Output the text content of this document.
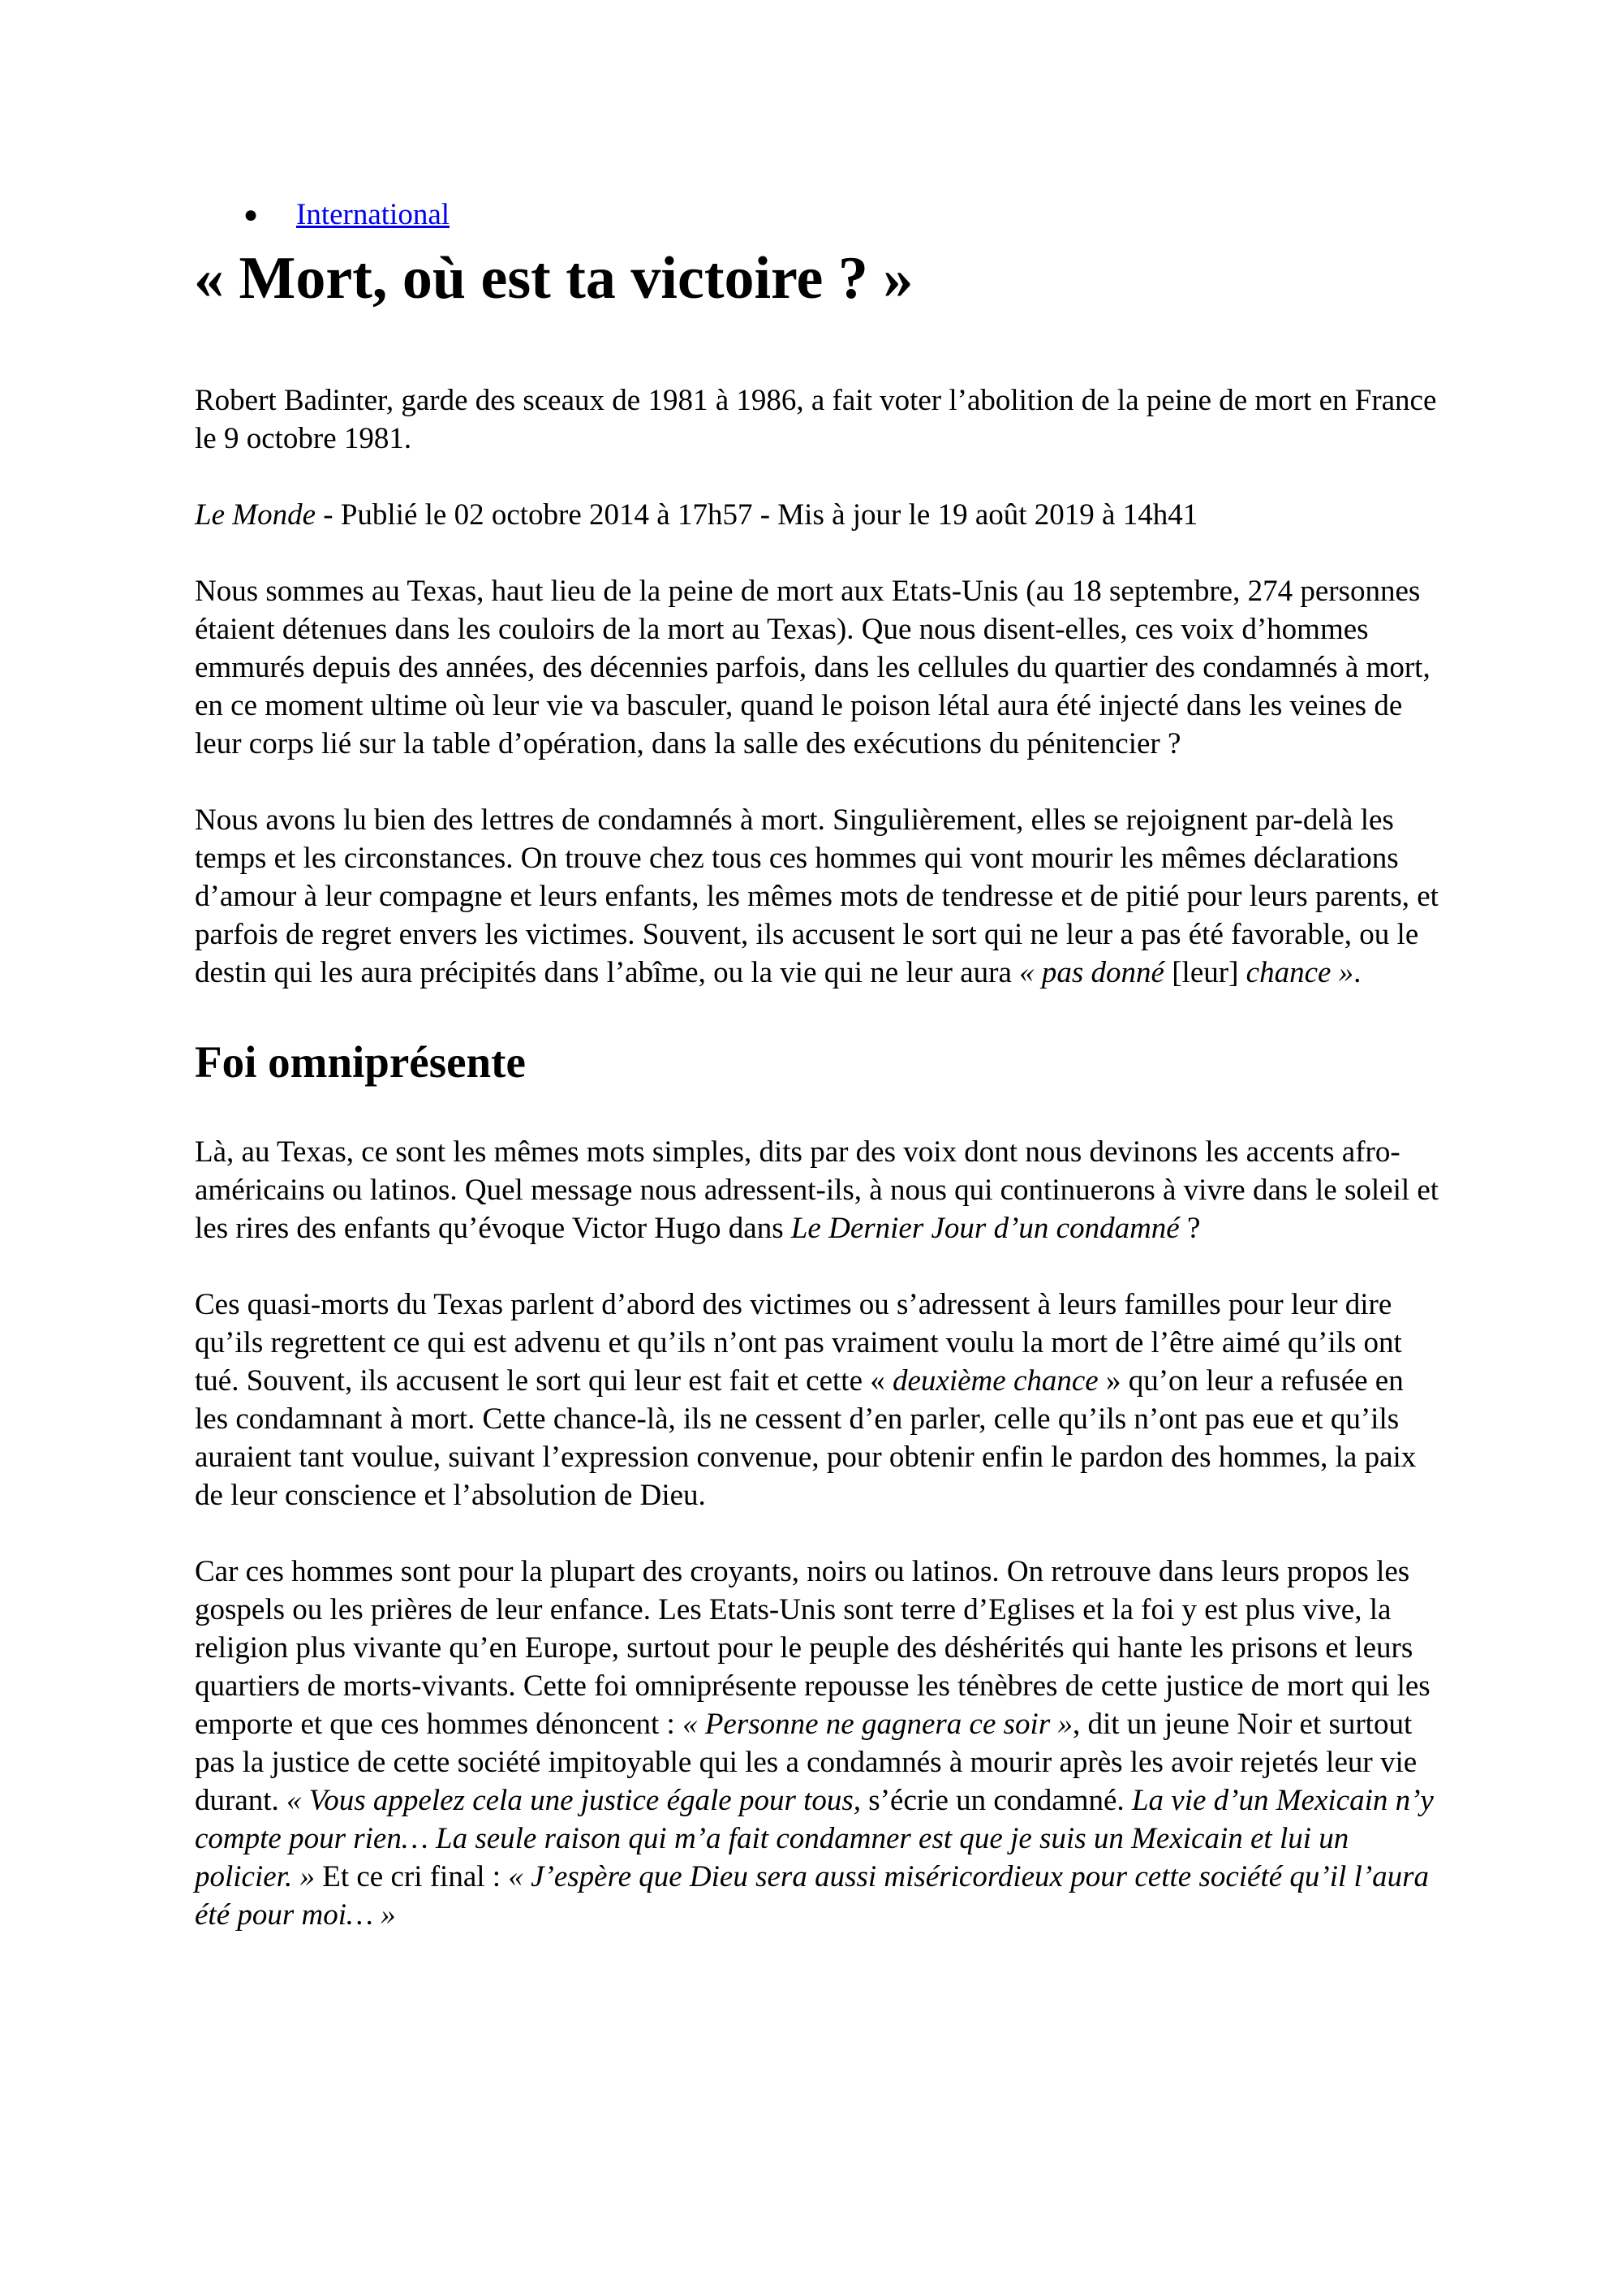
● International
« Mort, où est ta victoire ? »

Robert Badinter, garde des sceaux de 1981 à 1986, a fait voter l’abolition de la peine de mort en France le 9 octobre 1981.

Le Monde - Publié le 02 octobre 2014 à 17h57 - Mis à jour le 19 août 2019 à 14h41

Nous sommes au Texas, haut lieu de la peine de mort aux Etats-Unis (au 18 septembre, 274 personnes étaient détenues dans les couloirs de la mort au Texas). Que nous disent-elles, ces voix d’hommes emmurés depuis des années, des décennies parfois, dans les cellules du quartier des condamnés à mort, en ce moment ultime où leur vie va basculer, quand le poison létal aura été injecté dans les veines de leur corps lié sur la table d’opération, dans la salle des exécutions du pénitencier ?

Nous avons lu bien des lettres de condamnés à mort. Singulièrement, elles se rejoignent par-delà les temps et les circonstances. On trouve chez tous ces hommes qui vont mourir les mêmes déclarations d’amour à leur compagne et leurs enfants, les mêmes mots de tendresse et de pitié pour leurs parents, et parfois de regret envers les victimes. Souvent, ils accusent le sort qui ne leur a pas été favorable, ou le destin qui les aura précipités dans l’abîme, ou la vie qui ne leur aura « pas donné [leur] chance ».

Foi omniprésente

Là, au Texas, ce sont les mêmes mots simples, dits par des voix dont nous devinons les accents afro-américains ou latinos. Quel message nous adressent-ils, à nous qui continuerons à vivre dans le soleil et les rires des enfants qu’évoque Victor Hugo dans Le Dernier Jour d’un condamné ?

Ces quasi-morts du Texas parlent d’abord des victimes ou s’adressent à leurs familles pour leur dire qu’ils regrettent ce qui est advenu et qu’ils n’ont pas vraiment voulu la mort de l’être aimé qu’ils ont tué. Souvent, ils accusent le sort qui leur est fait et cette « deuxième chance » qu’on leur a refusée en les condamnant à mort. Cette chance-là, ils ne cessent d’en parler, celle qu’ils n’ont pas eue et qu’ils auraient tant voulue, suivant l’expression convenue, pour obtenir enfin le pardon des hommes, la paix de leur conscience et l’absolution de Dieu.

Car ces hommes sont pour la plupart des croyants, noirs ou latinos. On retrouve dans leurs propos les gospels ou les prières de leur enfance. Les Etats-Unis sont terre d’Eglises et la foi y est plus vive, la religion plus vivante qu’en Europe, surtout pour le peuple des déshérités qui hante les prisons et leurs quartiers de morts-vivants. Cette foi omniprésente repousse les ténèbres de cette justice de mort qui les emporte et que ces hommes dénoncent : « Personne ne gagnera ce soir », dit un jeune Noir et surtout pas la justice de cette société impitoyable qui les a condamnés à mourir après les avoir rejetés leur vie durant. « Vous appelez cela une justice égale pour tous, s’écrie un condamné. La vie d’un Mexicain n’y compte pour rien… La seule raison qui m’a fait condamner est que je suis un Mexicain et lui un policier. » Et ce cri final : « J’espère que Dieu sera aussi miséricordieux pour cette société qu’il l’aura été pour moi… »
